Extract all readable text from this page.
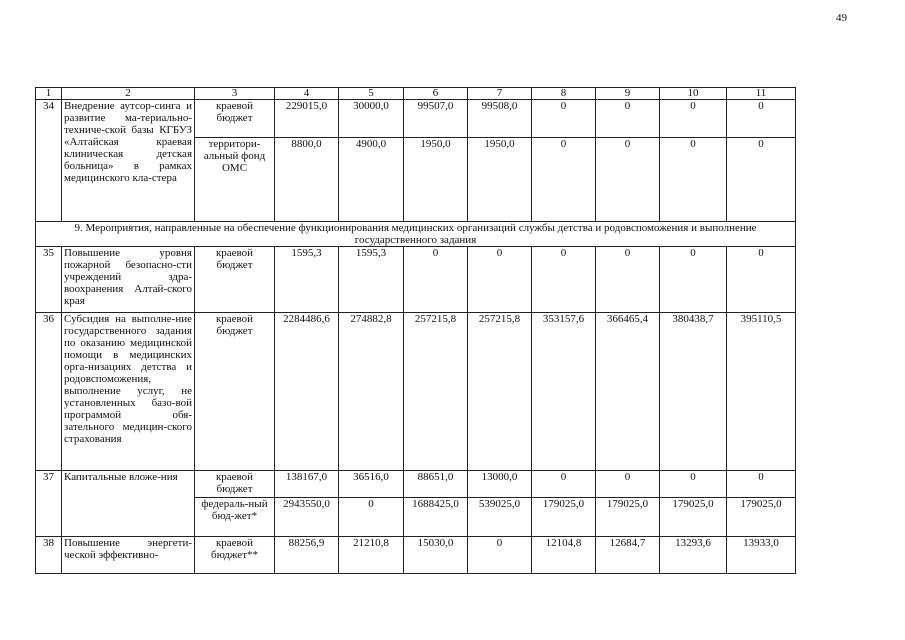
49
1	2	3	4	5	6	7	8	9	10	11
34	Внедрение аутсор-синга и развитие ма-териально-техниче-ской базы КГБУЗ «Алтайская краевая клиническая детская больница» в рамках медицинского кла-стера	краевой бюджет	229015,0	30000,0	99507,0	99508,0	0	0	0	0
		территори-альный фонд ОМС	8800,0	4900,0	1950,0	1950,0	0	0	0	0
9. Мероприятия, направленные на обеспечение функционирования медицинских организаций службы детства и родовспоможения и выполнение государственного задания										
35	Повышение уровня пожарной безопасно-сти учреждений здра-воохранения Алтай-ского края	краевой бюджет	1595,3	1595,3	0	0	0	0	0	0
36	Субсидия на выполне-ние государственного задания по оказанию медицинской помощи в медицинских орга-низациях детства и родовспоможения, выполнение услуг, не установленных базо-вой программой обя-зательного медицин-ского страхования	краевой бюджет	2284486,6	274882,8	257215,8	257215,8	353157,6	366465,4	380438,7	395110,5
37	Капитальные вложе-ния	краевой бюджет	138167,0	36516,0	88651,0	13000,0	0	0	0	0
		федераль-ный бюд-жет*	2943550,0	0	1688425,0	539025,0	179025,0	179025,0	179025,0	179025,0
38	Повышение энергети-ческой эффективно-	краевой бюджет**	88256,9	21210,8	15030,0	0	12104,8	12684,7	13293,6	13933,0
